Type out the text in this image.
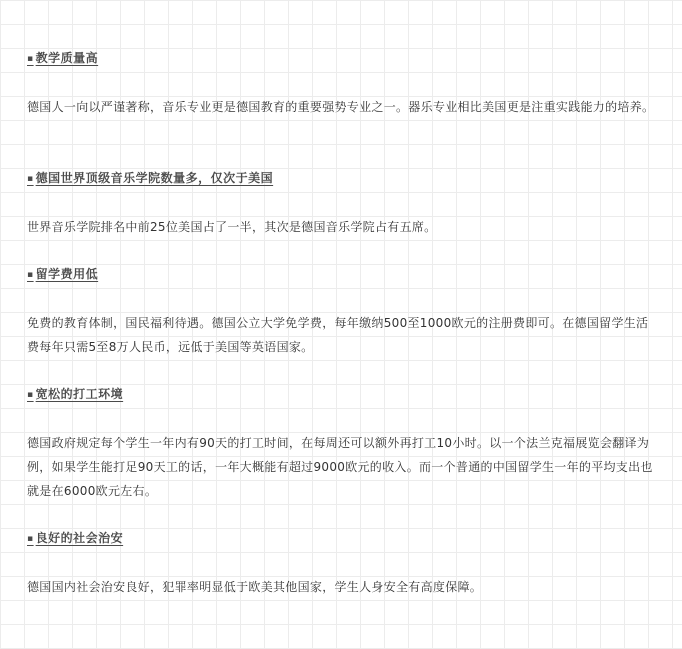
▪ 教学质量高
德国人一向以严谨著称，音乐专业更是德国教育的重要强势专业之一。器乐专业相比美国更是注重实践能力的培养。
▪ 德国世界顶级音乐学院数量多，仅次于美国
世界音乐学院排名中前25位美国占了一半，其次是德国音乐学院占有五席。
▪ 留学费用低
免费的教育体制，国民福利待遇。德国公立大学免学费，每年缴纳500至1000欧元的注册费即可。在德国留学生活费每年只需5至8万人民币，远低于美国等英语国家。
▪ 宽松的打工环境
德国政府规定每个学生一年内有90天的打工时间，在每周还可以额外再打工10小时。以一个法兰克福展览会翻译为例，如果学生能打足90天工的话，一年大概能有超过9000欧元的收入。而一个普通的中国留学生一年的平均支出也就是在6000欧元左右。
▪ 良好的社会治安
德国国内社会治安良好，犯罪率明显低于欧美其他国家，学生人身安全有高度保障。
